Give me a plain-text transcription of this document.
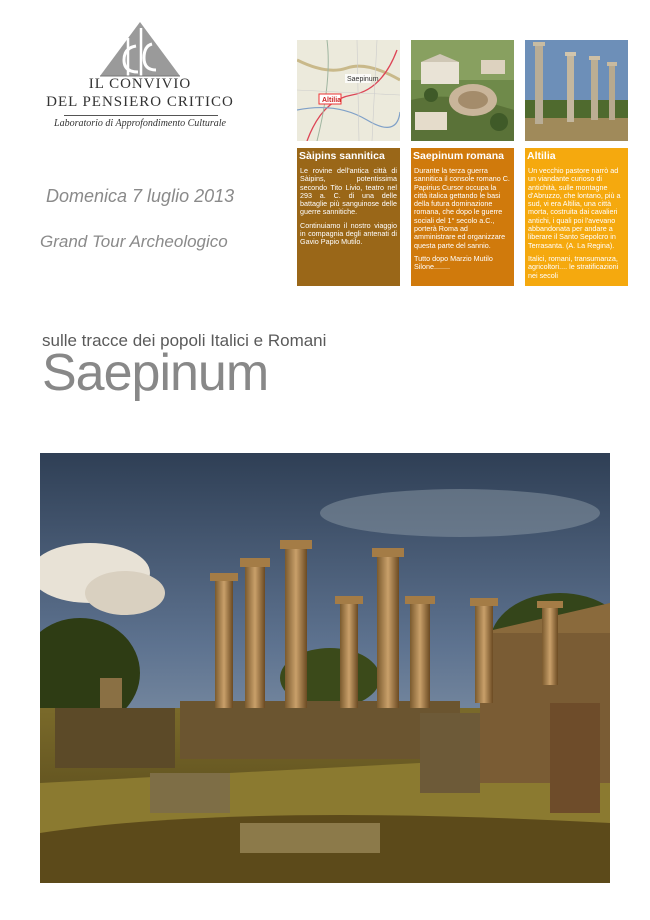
IL CONVIVIO
DEL PENSIERO CRITICO
Laboratorio di Approfondimento Culturale
Domenica 7 luglio 2013
Grand Tour Archeologico
Saepinum
Altilia
Sàipins sannitica

Le rovine dell'antica città di Sàipins, potentissima secondo Tito Livio, teatro nel 293 a. C. di una delle battaglie più sanguinose delle guerre sannitiche.

Continuiamo il nostro viaggio in compagnia degli antenati di Gavio Papio Mutilo.

Saepinum romana

Durante la terza guerra sannitica il console romano C. Papirius Cursor occupa la città italica gettando le basi della futura dominazione romana, che dopo le guerre sociali del 1° secolo a.C., porterà Roma ad amministrare ed organizzare questa parte del sannio.

Tutto dopo Marzio Mutilo Silone........

Altilia

Un vecchio pastore narrò ad un viandante curioso di antichità, sulle montagne d'Abruzzo, che lontano, più a sud, vi era Altilia, una città morta, costruita dai cavalieri antichi, i quali poi l'avevano abbandonata per andare a liberare il Santo Sepolcro in Terrasanta. (A. La Regina).

Italici, romani, transumanza, agricoltori.... le stratificazioni nei secoli

sulle tracce dei popoli Italici e Romani
Saepinum
